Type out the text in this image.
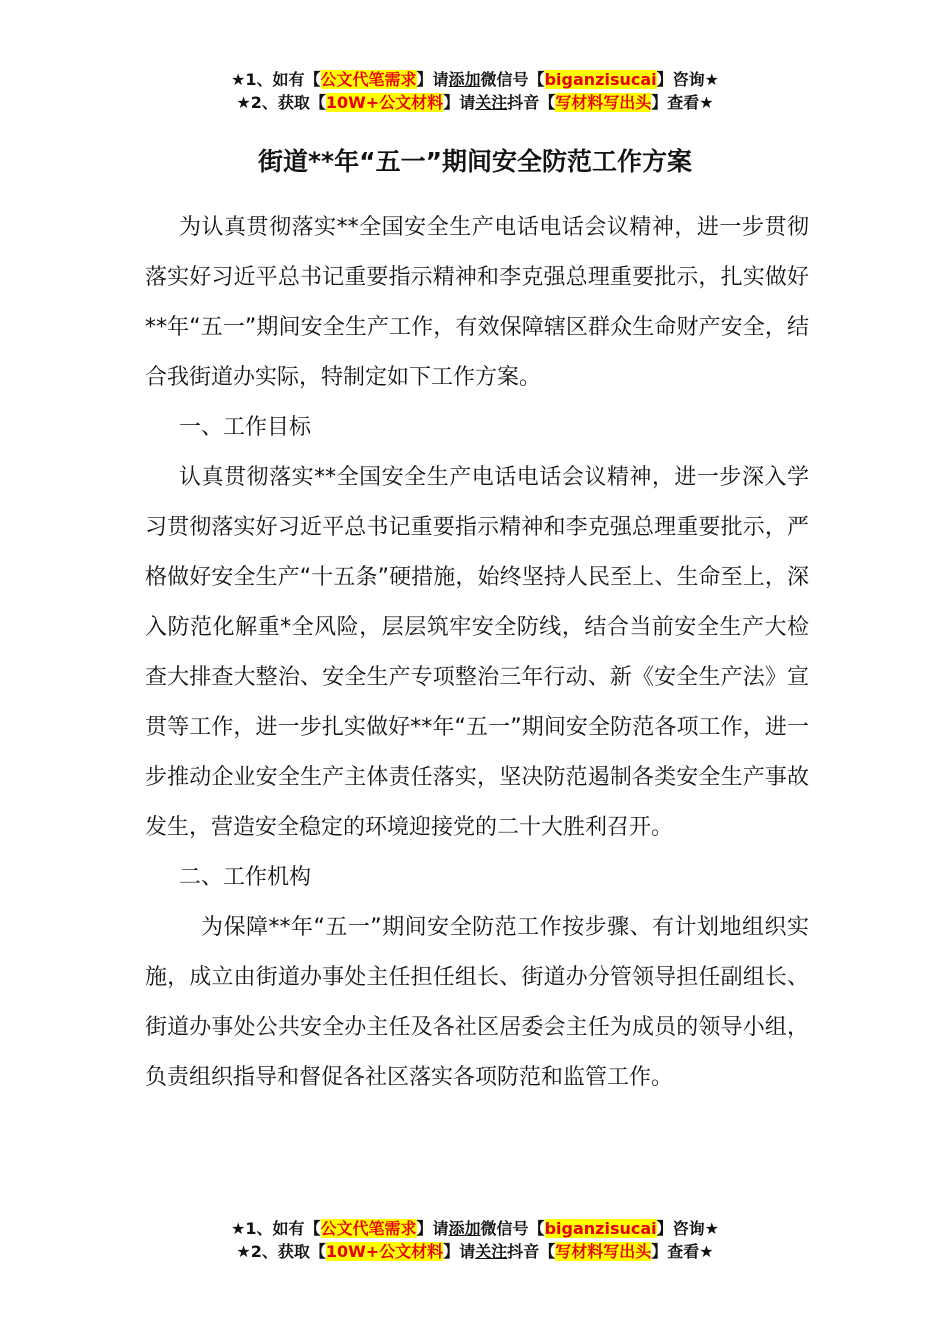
★1、如有【公文代笔需求】请添加微信号【biganzisucai】咨询★
★2、获取【10W+公文材料】请关注抖音【写材料写出头】查看★
街道**年“五一”期间安全防范工作方案

为认真贯彻落实**全国安全生产电话电话会议精神，进一步贯彻落实好习近平总书记重要指示精神和李克强总理重要批示，扎实做好**年“五一”期间安全生产工作，有效保障辖区群众生命财产安全，结合我街道办实际，特制定如下工作方案。

一、工作目标

认真贯彻落实**全国安全生产电话电话会议精神，进一步深入学习贯彻落实好习近平总书记重要指示精神和李克强总理重要批示，严格做好安全生产“十五条”硬措施，始终坚持人民至上、生命至上，深入防范化解重*全风险，层层筑牢安全防线，结合当前安全生产大检查大排查大整治、安全生产专项整治三年行动、新《安全生产法》宣贯等工作，进一步扎实做好**年“五一”期间安全防范各项工作，进一步推动企业安全生产主体责任落实，坚决防范遏制各类安全生产事故发生，营造安全稳定的环境迎接党的二十大胜利召开。

二、工作机构

为保障**年“五一”期间安全防范工作按步骤、有计划地组织实施，成立由街道办事处主任担任组长、街道办分管领导担任副组长、街道办事处公共安全办主任及各社区居委会主任为成员的领导小组，负责组织指导和督促各社区落实各项防范和监管工作。

★1、如有【公文代笔需求】请添加微信号【biganzisucai】咨询★
★2、获取【10W+公文材料】请关注抖音【写材料写出头】查看★
